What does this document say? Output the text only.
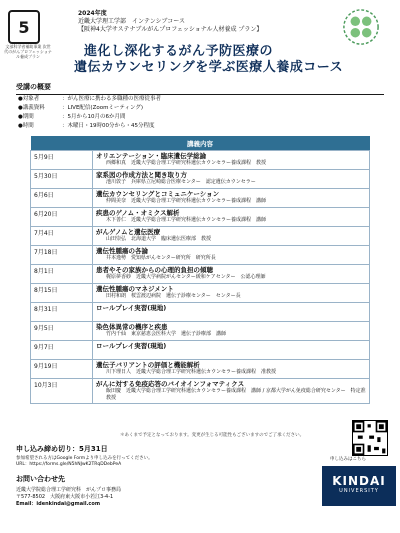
5
文部科学省補助事業 次世代のがんプロフェッショナル養成プラン
2024年度
近畿大学理工学部　インテンシブコース
【阪神4大学サステナブルがんプロフェッショナル人材養成 プラン】
進化し深化するがん予防医療の
遺伝カウンセリングを学ぶ医療人養成コース
受講の概要
●対象者	：がん医療に携わる多職種の医療従事者
●講義資料	：LIVE配信(Zoomミーティング)
●期間	：5月から10月の6か月間
●時間	：木曜日・19時00分から・45分程度
講義内容	
5月9日	オリエンテーション・臨床遺伝学総論
西郷和真　近畿大学総合理工学研究科遺伝カウンセラー養成課程　教授

5月30日	家系図の作成方法と聞き取り方
池川敦子　兵庫県立尼崎総合医療センター　認定遺伝カウンセラー

6月6日	遺伝カウンセリングとコミュニケーション
仲間美奈　近畿大学総合理工学研究科遺伝カウンセラー養成課程　講師

6月20日	疾患のゲノム・オミクス解析
木下善仁　近畿大学総合理工学研究科遺伝カウンセラー養成課程　講師

7月4日	がんゲノムと遺伝医療
山田崇弘　北海道大学　臨床遺伝医療部　教授

7月18日	遺伝性腫瘍の各論
井本逸勢　愛知県がんセンター研究所　研究所長

8月1日	患者やその家族からの心理的負担の傾聴
梶原夢香紗　近畿大学病院がんセンター緩和ケアセンター　公認心理師

8月15日	遺伝性腫瘍のマネジメント
田村和朗　桜雲渡辺病院　遺伝子診療センター　センター長

8月31日	ロールプレイ実習(現地)

9月5日	染色体異常の機序と疾患
竹内千仙　東京慈恵会医科大学　遺伝子診療部　講師

9月7日	ロールプレイ実習(現地)

9月19日	遺伝子バリアントの評価と機能解析
川下理日人　近畿大学総合理工学研究科遺伝カウンセラー養成課程　准教授

10月3日	がんに対する免疫応答のバイオインフォマティクス
飯田慶　近畿大学総合理工学研究科遺伝カウンセラー養成課程　講師 / 京都大学がん免疫総合研究センター　特定准教授
＊あくまで予定となっております。変更が生じる可能性もございますのでご了承ください。
申し込み締め切り：5月31日
参加希望される方はGoogle Formより申し込みを行ってください。
URL：https://forms.gle/N5hNJwK2TRqDDebPeA
お問い合わせ先
近畿大学院総合理工学研究科　がんプロ事務局
〒577-8502　大阪府東大阪市小若江3-4-1
Email：idenkindai@gmail.com
申し込みはこちら
KINDAI
UNIVERSITY
